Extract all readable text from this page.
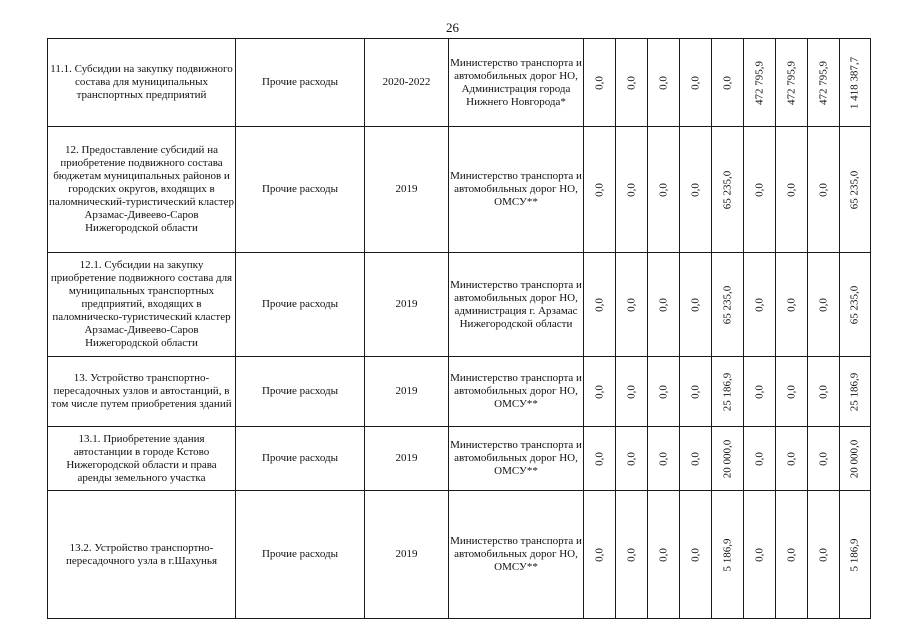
26
11.1. Субсидии на закупку подвижного состава для муниципальных транспортных предприятий	Прочие расходы	2020-2022	Министерство транспорта и автомобильных дорог НО, Администрация города Нижнего Новгорода*	0,0	0,0	0,0	0,0	0,0	472 795,9	472 795,9	472 795,9	1 418 387,7

12. Предоставление субсидий на приобретение подвижного состава бюджетам муниципальных районов и городских округов, входящих в паломнический-туристический кластер Арзамас-Дивеево-Саров Нижегородской области	Прочие расходы	2019	Министерство транспорта и автомобильных дорог НО, ОМСУ**	0,0	0,0	0,0	0,0	65 235,0	0,0	0,0	0,0	65 235,0

12.1. Субсидии на закупку приобретение подвижного состава для муниципальных транспортных предприятий, входящих в паломническо-туристический кластер Арзамас-Дивеево-Саров Нижегородской области	Прочие расходы	2019	Министерство транспорта и автомобильных дорог НО, администрация г. Арзамас Нижегородской области	0,0	0,0	0,0	0,0	65 235,0	0,0	0,0	0,0	65 235,0

13. Устройство транспортно-пересадочных узлов и автостанций, в том числе путем приобретения зданий	Прочие расходы	2019	Министерство транспорта и автомобильных дорог НО, ОМСУ**	0,0	0,0	0,0	0,0	25 186,9	0,0	0,0	0,0	25 186,9

13.1. Приобретение здания автостанции в городе Кстово Нижегородской области и права аренды земельного участка	Прочие расходы	2019	Министерство транспорта и автомобильных дорог НО, ОМСУ**	0,0	0,0	0,0	0,0	20 000,0	0,0	0,0	0,0	20 000,0

13.2. Устройство транспортно-пересадочного узла в г.Шахунья	Прочие расходы	2019	Министерство транспорта и автомобильных дорог НО, ОМСУ**	0,0	0,0	0,0	0,0	5 186,9	0,0	0,0	0,0	5 186,9
